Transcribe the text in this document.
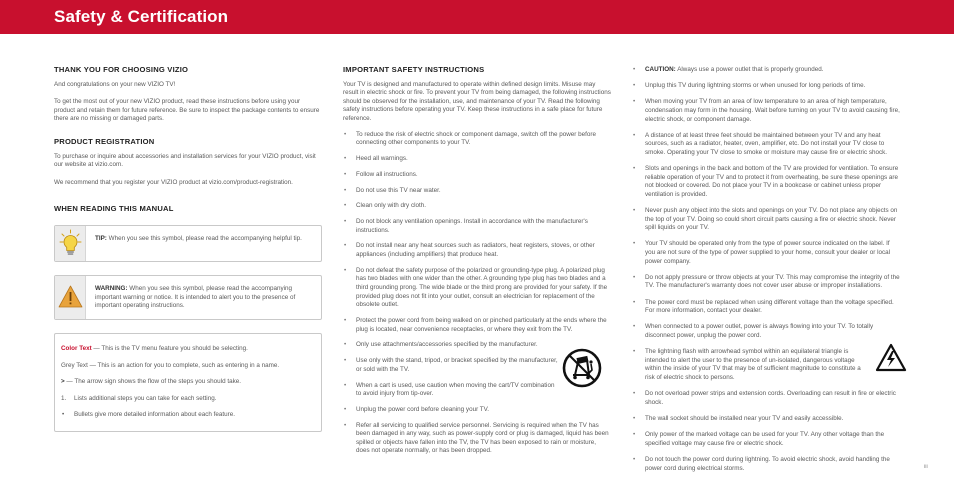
Safety & Certification
THANK YOU FOR CHOOSING VIZIO
And congratulations on your new VIZIO TV!
To get the most out of your new VIZIO product, read these instructions before using your product and retain them for future reference. Be sure to inspect the package contents to ensure there are no missing or damaged parts.
PRODUCT REGISTRATION
To purchase or inquire about accessories and installation services for your VIZIO product, visit our website at vizio.com.
We recommend that you register your VIZIO product at vizio.com/product-registration.
WHEN READING THIS MANUAL
TIP: When you see this symbol, please read the accompanying helpful tip.
WARNING: When you see this symbol, please read the accompanying important warning or notice. It is intended to alert you to the presence of important operating instructions.
Color Text — This is the TV menu feature you should be selecting.
Grey Text — This is an action for you to complete, such as entering in a name.
> — The arrow sign shows the flow of the steps you should take.
1. Lists additional steps you can take for each setting.
• Bullets give more detailed information about each feature.
IMPORTANT SAFETY INSTRUCTIONS
Your TV is designed and manufactured to operate within defined design limits. Misuse may result in electric shock or fire. To prevent your TV from being damaged, the following instructions should be observed for the installation, use, and maintenance of your TV. Read the following safety instructions before operating your TV. Keep these instructions in a safe place for future reference.
• To reduce the risk of electric shock or component damage, switch off the power before connecting other components to your TV.
• Heed all warnings.
• Follow all instructions.
• Do not use this TV near water.
• Clean only with dry cloth.
• Do not block any ventilation openings. Install in accordance with the manufacturer's instructions.
• Do not install near any heat sources such as radiators, heat registers, stoves, or other appliances (including amplifiers) that produce heat.
• Do not defeat the safety purpose of the polarized or grounding-type plug. A polarized plug has two blades with one wider than the other. A grounding type plug has two blades and a third grounding prong. The wide blade or the third prong are provided for your safety. If the provided plug does not fit into your outlet, consult an electrician for replacement of the obsolete outlet.
• Protect the power cord from being walked on or pinched particularly at the ends where the plug is located, near convenience receptacles, or where they exit from the TV.
• Only use attachments/accessories specified by the manufacturer.
• Use only with the stand, tripod, or bracket specified by the manufacturer, or sold with the TV.
• When a cart is used, use caution when moving the cart/TV combination to avoid injury from tip-over.
• Unplug the power cord before cleaning your TV.
• Refer all servicing to qualified service personnel. Servicing is required when the TV has been damaged in any way, such as power-supply cord or plug is damaged, liquid has been spilled or objects have fallen into the TV, the TV has been exposed to rain or moisture, does not operate normally, or has been dropped.
• CAUTION: Always use a power outlet that is properly grounded.
• Unplug this TV during lightning storms or when unused for long periods of time.
• When moving your TV from an area of low temperature to an area of high temperature, condensation may form in the housing. Wait before turning on your TV to avoid causing fire, electric shock, or component damage.
• A distance of at least three feet should be maintained between your TV and any heat sources, such as a radiator, heater, oven, amplifier, etc. Do not install your TV close to smoke. Operating your TV close to smoke or moisture may cause fire or electric shock.
• Slots and openings in the back and bottom of the TV are provided for ventilation. To ensure reliable operation of your TV and to protect it from overheating, be sure these openings are not blocked or covered. Do not place your TV in a bookcase or cabinet unless proper ventilation is provided.
• Never push any object into the slots and openings on your TV. Do not place any objects on the top of your TV. Doing so could short circuit parts causing a fire or electric shock. Never spill liquids on your TV.
• Your TV should be operated only from the type of power source indicated on the label. If you are not sure of the type of power supplied to your home, consult your dealer or local power company.
• Do not apply pressure or throw objects at your TV. This may compromise the integrity of the TV. The manufacturer's warranty does not cover user abuse or improper installations.
• The power cord must be replaced when using different voltage than the voltage specified. For more information, contact your dealer.
• When connected to a power outlet, power is always flowing into your TV. To totally disconnect power, unplug the power cord.
• The lightning flash with arrowhead symbol within an equilateral triangle is intended to alert the user to the presence of un-isolated, dangerous voltage within the inside of your TV that may be of sufficient magnitude to constitute a risk of electric shock to persons.
• Do not overload power strips and extension cords. Overloading can result in fire or electric shock.
• The wall socket should be installed near your TV and easily accessible.
• Only power of the marked voltage can be used for your TV. Any other voltage than the specified voltage may cause fire or electric shock.
• Do not touch the power cord during lightning. To avoid electric shock, avoid handling the power cord during electrical storms.	iii
